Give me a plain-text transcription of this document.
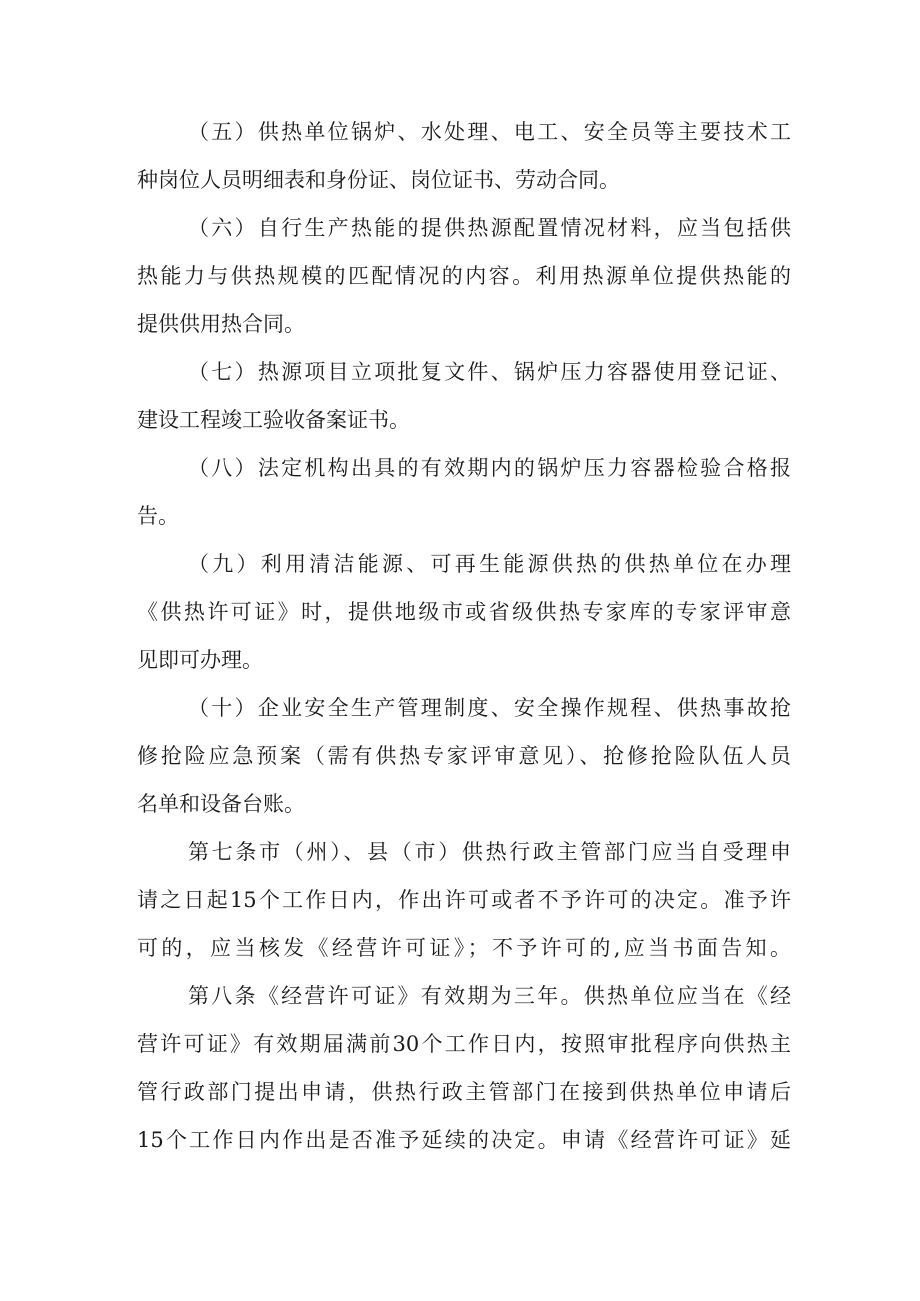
（五）供热单位锅炉、水处理、电工、安全员等主要技术工
种岗位人员明细表和身份证、岗位证书、劳动合同。
（六）自行生产热能的提供热源配置情况材料，应当包括供
热能力与供热规模的匹配情况的内容。利用热源单位提供热能的
提供供用热合同。
（七）热源项目立项批复文件、锅炉压力容器使用登记证、
建设工程竣工验收备案证书。
（八）法定机构出具的有效期内的锅炉压力容器检验合格报
告。
（九）利用清洁能源、可再生能源供热的供热单位在办理
《供热许可证》时，提供地级市或省级供热专家库的专家评审意
见即可办理。
（十）企业安全生产管理制度、安全操作规程、供热事故抢
修抢险应急预案（需有供热专家评审意见）、抢修抢险队伍人员
名单和设备台账。
第七条市（州）、县（市）供热行政主管部门应当自受理申
请之日起15个工作日内，作出许可或者不予许可的决定。准予许
可的，应当核发《经营许可证》；不予许可的,应当书面告知。
第八条《经营许可证》有效期为三年。供热单位应当在《经
营许可证》有效期届满前30个工作日内，按照审批程序向供热主
管行政部门提出申请，供热行政主管部门在接到供热单位申请后
15个工作日内作出是否准予延续的决定。申请《经营许可证》延
